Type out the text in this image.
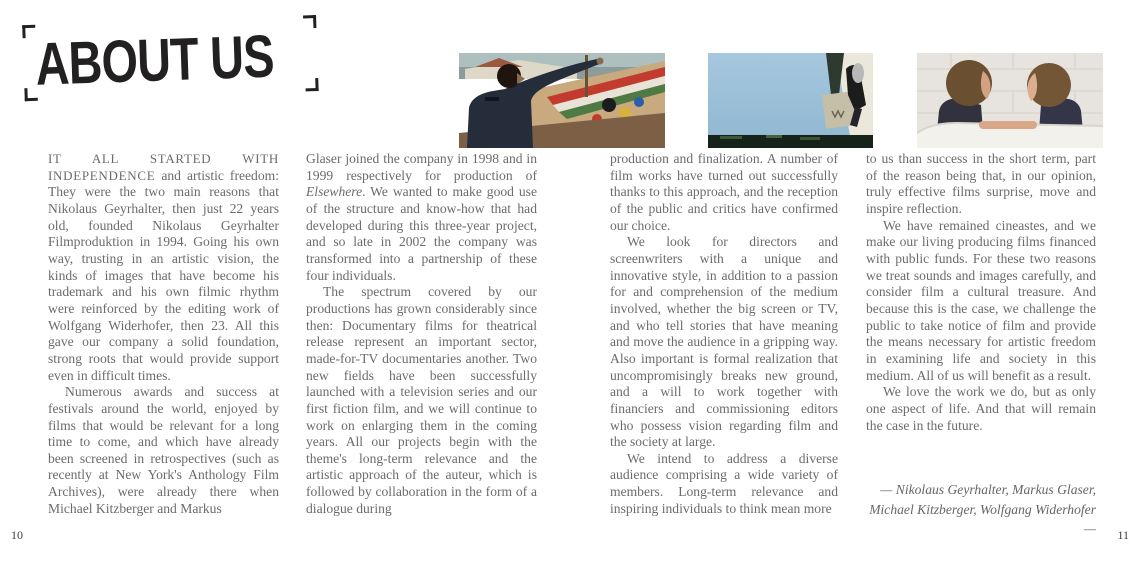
ABOUT US

IT ALL STARTED WITH INDEPENDENCE and artistic freedom: They were the two main reasons that Nikolaus Geyrhalter, then just 22 years old, founded Nikolaus Geyrhalter Filmproduktion in 1994. Going his own way, trusting in an artistic vision, the kinds of images that have become his trademark and his own filmic rhythm were reinforced by the editing work of Wolfgang Widerhofer, then 23. All this gave our company a solid foundation, strong roots that would provide support even in difficult times.

Numerous awards and success at festivals around the world, enjoyed by films that would be relevant for a long time to come, and which have already been screened in retrospectives (such as recently at New York's Anthology Film Archives), were already there when Michael Kitzberger and Markus

Glaser joined the company in 1998 and in 1999 respectively for production of Elsewhere. We wanted to make good use of the structure and know-how that had developed during this three-year project, and so late in 2002 the company was transformed into a partnership of these four individuals.

The spectrum covered by our productions has grown considerably since then: Documentary films for theatrical release represent an important sector, made-for-TV documentaries another. Two new fields have been successfully launched with a television series and our first fiction film, and we will continue to work on enlarging them in the coming years. All our projects begin with the theme's long-term relevance and the artistic approach of the auteur, which is followed by collaboration in the form of a dialogue during

production and finalization. A number of film works have turned out successfully thanks to this approach, and the reception of the public and critics have confirmed our choice.

We look for directors and screenwriters with a unique and innovative style, in addition to a passion for and comprehension of the medium involved, whether the big screen or TV, and who tell stories that have meaning and move the audience in a gripping way. Also important is formal realization that uncompromisingly breaks new ground, and a will to work together with financiers and commissioning editors who possess vision regarding film and the society at large.

We intend to address a diverse audience comprising a wide variety of members. Long-term relevance and inspiring individuals to think mean more

to us than success in the short term, part of the reason being that, in our opinion, truly effective films surprise, move and inspire reflection.

We have remained cineastes, and we make our living producing films financed with public funds. For these two reasons we treat sounds and images carefully, and consider film a cultural treasure. And because this is the case, we challenge the public to take notice of film and provide the means necessary for artistic freedom in examining life and society in this medium. All of us will benefit as a result.

We love the work we do, but as only one aspect of life. And that will remain the case in the future.

— Nikolaus Geyrhalter, Markus Glaser, Michael Kitzberger, Wolfgang Widerhofer —

10	11
